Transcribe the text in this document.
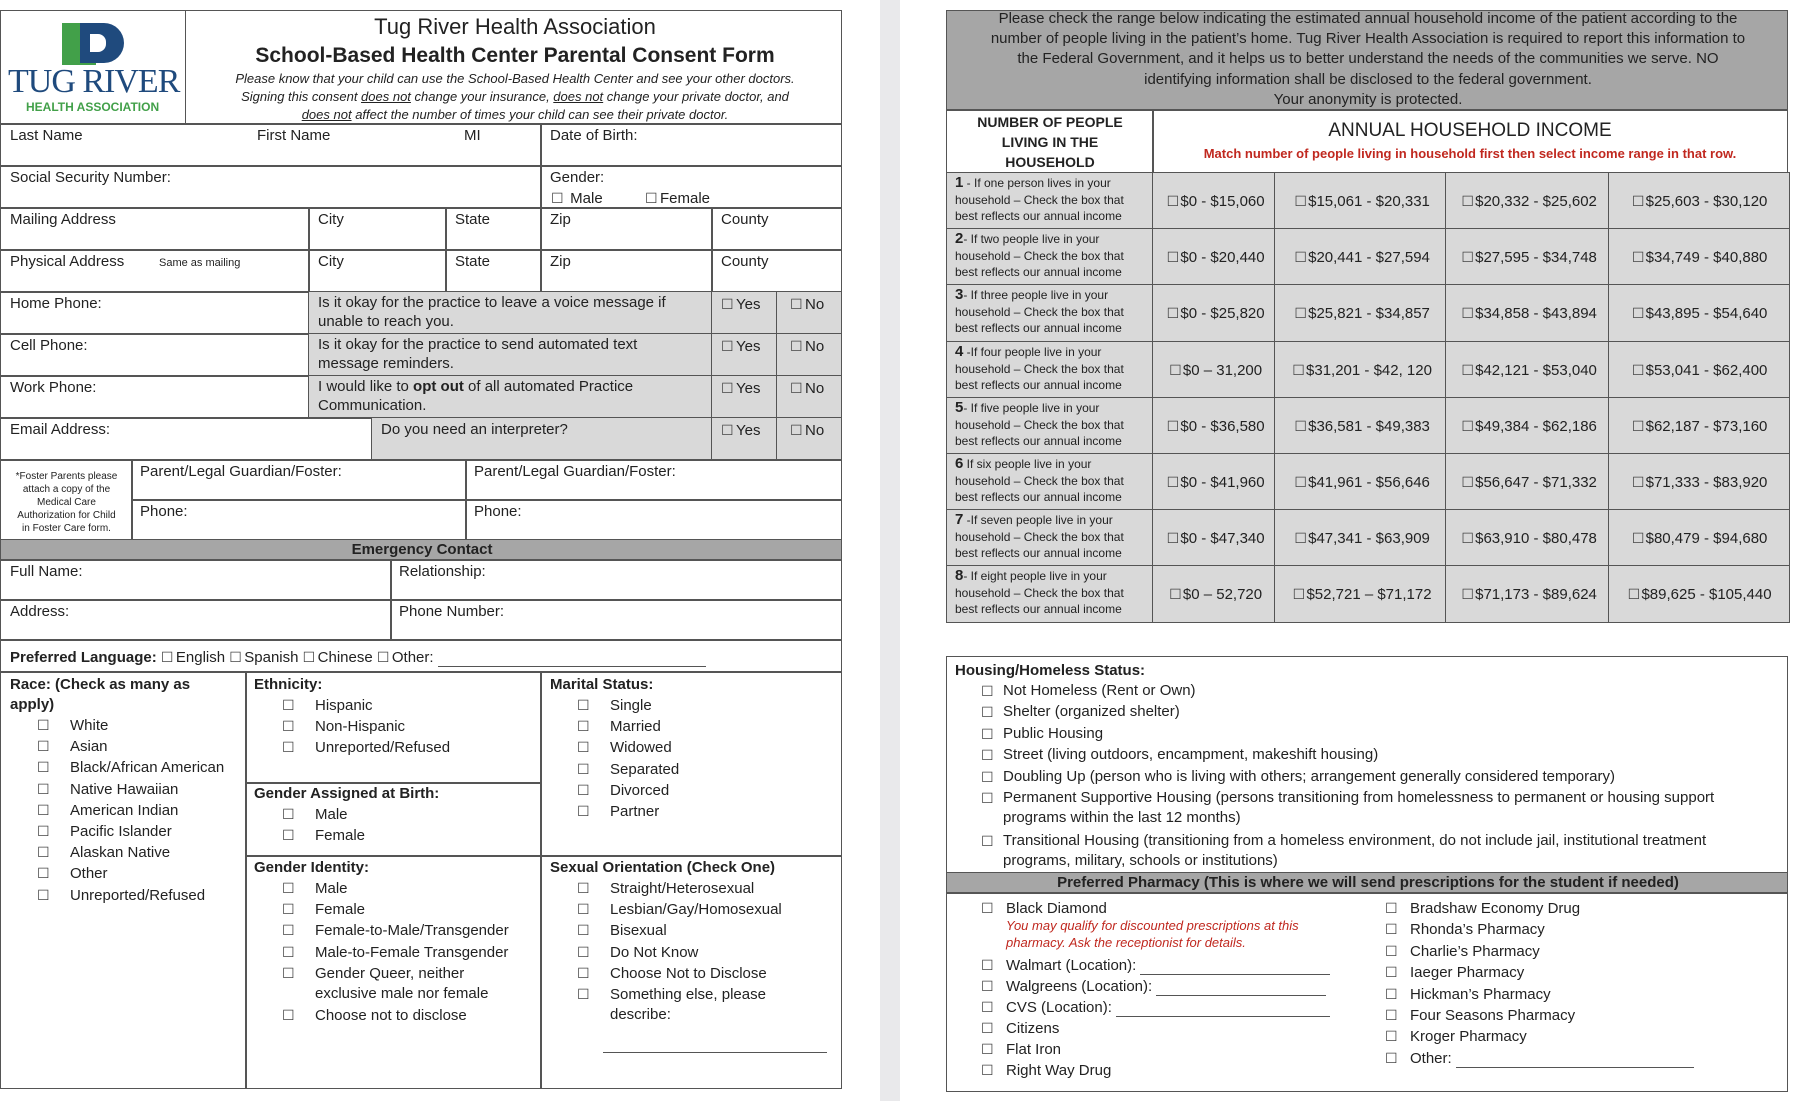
TUG RIVER
HEALTH ASSOCIATION
Tug River Health Association
School-Based Health Center Parental Consent Form
Please know that your child can use the School-Based Health Center and see your other doctors.
Signing this consent does not change your insurance, does not change your private doctor, and
does not affect the number of times your child can see their private doctor.
Last Name	First Name	MI	Date of Birth:
Social Security Number:	Gender:
☐ Male ☐	Female
Mailing Address	City	State	Zip	County
Physical Address	Same as mailing	City	State	Zip	County
Home Phone:	Is it okay for the practice to leave a voice message if
unable to reach you.
☐Yes ☐	No
Cell Phone:	Is it okay for the practice to send automated text
message reminders.
☐Yes ☐	No
Work Phone:	I would like to opt out of all automated Practice
Communication.
☐Yes ☐	No
Email Address:	Do you need an interpreter? ☐	Yes ☐	No
*Foster Parents please
attach a copy of the
Medical Care
Authorization for Child
in Foster Care form.
Parent/Legal Guardian/Foster:	Parent/Legal Guardian/Foster:
Phone:	Phone:
Emergency Contact
Full Name:	Relationship:
Address:	Phone Number:
Preferred Language: ☐ English ☐ Spanish ☐ Chinese ☐ Other:
Race: (Check as many as
apply)
☐White
☐Asian
☐Black/African American
☐Native Hawaiian
☐American Indian
☐Pacific Islander
☐Alaskan Native
☐Other
☐Unreported/Refused
Ethnicity:
☐Hispanic
☐Non-Hispanic
☐Unreported/Refused
Gender Assigned at Birth:
☐Male
☐Female
Marital Status:
☐Single
☐Married
☐Widowed
☐Separated
☐Divorced
☐Partner
Gender Identity:
☐Male
☐Female
☐Female-to-Male/Transgender
☐Male-to-Female Transgender
☐Gender Queer, neither
exclusive male nor female
☐Choose not to disclose
Sexual Orientation (Check One)
☐Straight/Heterosexual
☐Lesbian/Gay/Homosexual
☐Bisexual
☐Do Not Know
☐Choose Not to Disclose
☐Something else, please
describe:
Please check the range below indicating the estimated annual household income of the patient according to the
number of people living in the patient’s home. Tug River Health Association is required to report this information to
the Federal Government, and it helps us to better understand the needs of the communities we serve. NO
identifying information shall be disclosed to the federal government.
Your anonymity is protected.
NUMBER OF PEOPLE
LIVING IN THE
HOUSEHOLD
ANNUAL HOUSEHOLD INCOME
Match number of people living in household first then select income range in that row.
1 - If one person lives in your
household – Check the box that
best reflects our annual income
☐$0 - $15,060 ☐	$15,061 - $20,331 ☐	$20,332 - $25,602 ☐	$25,603 - $30,120
2- If two people live in your
household – Check the box that
best reflects our annual income
☐$0 - $20,440 ☐	$20,441 - $27,594 ☐	$27,595 - $34,748 ☐	$34,749 - $40,880
3- If three people live in your
household – Check the box that
best reflects our annual income
☐$0 - $25,820 ☐	$25,821 - $34,857 ☐	$34,858 - $43,894 ☐	$43,895 - $54,640
4 -If four people live in your
household – Check the box that
best reflects our annual income
☐$0 – 31,200 ☐	$31,201 - $42, 120 ☐	$42,121 - $53,040 ☐	$53,041 - $62,400
5- If five people live in your
household – Check the box that
best reflects our annual income
☐$0 - $36,580 ☐	$36,581 - $49,383 ☐	$49,384 - $62,186 ☐	$62,187 - $73,160
6 If six people live in your
household – Check the box that
best reflects our annual income
☐$0 - $41,960 ☐	$41,961 - $56,646 ☐	$56,647 - $71,332 ☐	$71,333 - $83,920
7 -If seven people live in your
household – Check the box that
best reflects our annual income
☐$0 - $47,340 ☐	$47,341 - $63,909 ☐	$63,910 - $80,478 ☐	$80,479 - $94,680
8- If eight people live in your
household – Check the box that
best reflects our annual income
☐$0 – 52,720 ☐	$52,721 – $71,172 ☐	$71,173 - $89,624 ☐	$89,625 - $105,440
Housing/Homeless Status:
☐
Not Homeless (Rent or Own)
☐
Shelter (organized shelter)
☐
Public Housing
☐
Street (living outdoors, encampment, makeshift housing)
☐
Doubling Up (person who is living with others; arrangement generally considered temporary)
☐
Permanent Supportive Housing (persons transitioning from homelessness to permanent or housing support
programs within the last 12 months)
☐
Transitional Housing (transitioning from a homeless environment, do not include jail, institutional treatment
programs, military, schools or institutions)
Preferred Pharmacy (This is where we will send prescriptions for the student if needed)
☐Black Diamond
☐Walmart (Location):
☐Walgreens (Location):
☐CVS (Location):
☐Citizens
☐Flat Iron
☐Right Way Drug
You may qualify for discounted prescriptions at this
pharmacy. Ask the receptionist for details.
☐Bradshaw Economy Drug
☐Rhonda’s Pharmacy
☐Charlie’s Pharmacy
☐Iaeger Pharmacy
☐Hickman’s Pharmacy
☐Four Seasons Pharmacy
☐Kroger Pharmacy
☐Other:
